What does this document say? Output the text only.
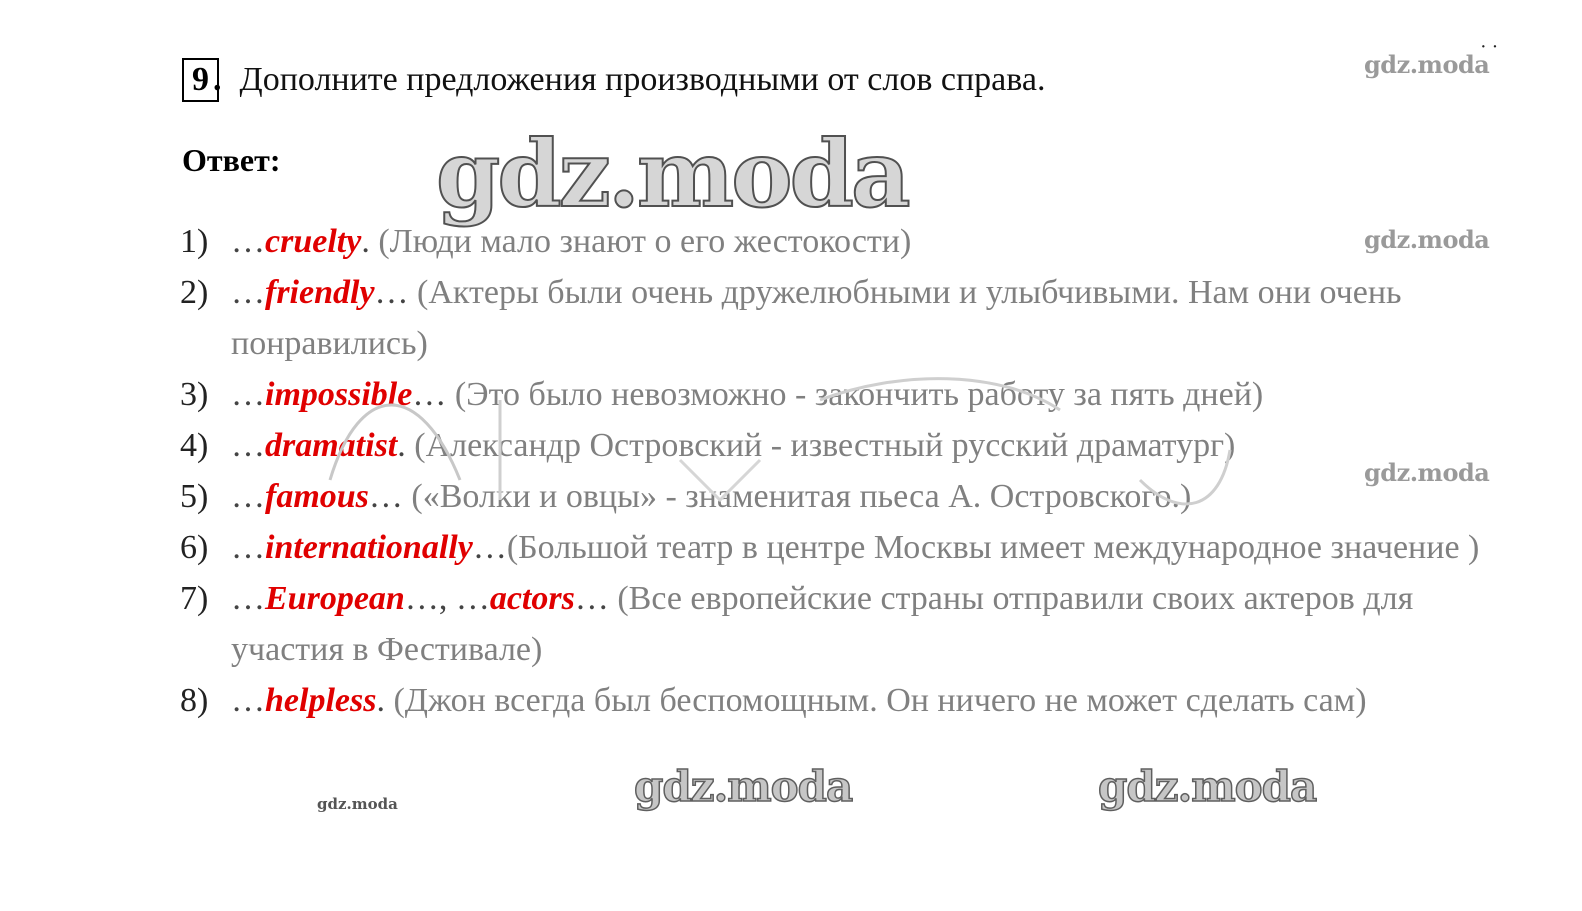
· ·
9 . Дополните предложения производными от слов справа.
Ответ: gdz.moda
1) …cruelty. (Люди мало знают о его жестокости)
2) …friendly… (Актеры были очень дружелюбными и улыбчивыми. Нам они очень понравились)
3) …impossible… (Это было невозможно - закончить работу за пять дней)
4) …dramatist. (Александр Островский - известный русский драматург)
5) …famous… («Волки и овцы» - знаменитая пьеса А. Островского.)
6) …internationally…(Большой театр в центре Москвы имеет международное значение )
7) …European…, …actors… (Все европейские страны отправили своих актеров для участия в Фестивале)
8) …helpless. (Джон всегда был беспомощным. Он ничего не может сделать сам)
gdz.moda
gdz.moda
gdz.moda
gdz.moda	gdz.moda
gdz.moda
